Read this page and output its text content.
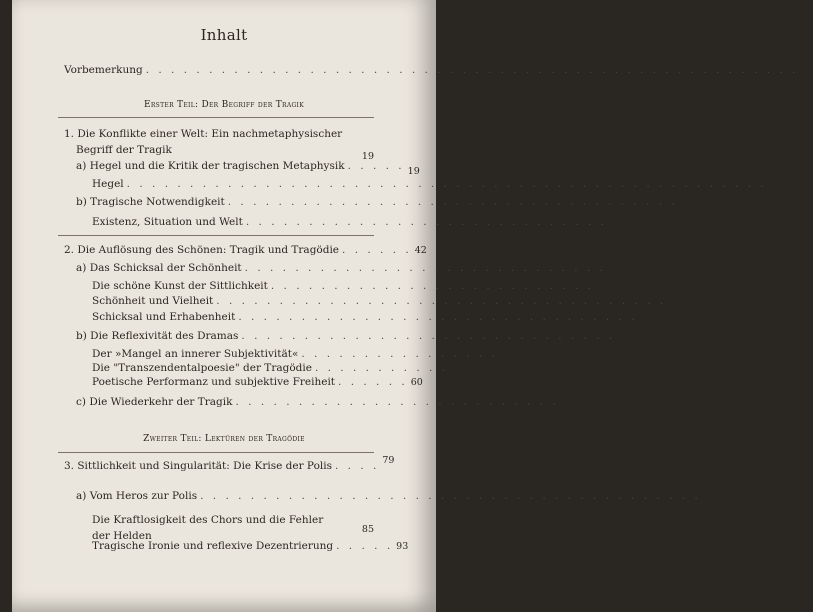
Inhalt
Vorbemerkung . . . . . . . . . . . . . . . . . . . . . . . . . . . . . . . . . . . . . . . . . . . . . . . . . . . .
9
Erster Teil: Der Begriff der Tragik
1. Die Konflikte einer Welt: Ein nachmetaphysischer
Begriff der Tragik
19
a) Hegel und die Kritik der tragischen Metaphysik . . . . . 19
Hegel . . . . . . . . . . . . . . . . . . . . . . . . . . . . . . . . . . . . . . . . . . . . . . . . . . . 23
b) Tragische Notwendigkeit . . . . . . . . . . . . . . . . . . . . . . . . . . . . . . . . . . . . 25
Existenz, Situation und Welt . . . . . . . . . . . . . . . . . . . . . . . . . . . . . 36
2. Die Auflösung des Schönen: Tragik und Tragödie . . . . . . 42
a) Das Schicksal der Schönheit . . . . . . . . . . . . . . . . . . . . . . . . . . . . . 44
Die schöne Kunst der Sittlichkeit . . . . . . . . . . . . . . . . . . . . . . . . . . 45
Schönheit und Vielheit . . . . . . . . . . . . . . . . . . . . . . . . . . . . . . . . . . . . 48
Schicksal und Erhabenheit . . . . . . . . . . . . . . . . . . . . . . . . . . . . . . . . 50
b) Die Reflexivität des Dramas . . . . . . . . . . . . . . . . . . . . . . . . . . . . . . 53
Der »Mangel an innerer Subjektivität« . . . . . . . . . . . . . . . . 54
Die "Transzendentalpoesie" der Tragödie . . . . . . . . . . . 56
Poetische Performanz und subjektive Freiheit . . . . . . 60
c) Die Wiederkehr der Tragik . . . . . . . . . . . . . . . . . . . . . . . . . . 69
Zweiter Teil: Lektüren der Tragödie
3. Sittlichkeit und Singularität: Die Krise der Polis . . . . 79
a) Vom Heros zur Polis . . . . . . . . . . . . . . . . . . . . . . . . . . . . . . . . . . . . . . . .
83
Die Kraftlosigkeit des Chors und die Fehler
der Helden
85
Tragische Ironie und reflexive Dezentrierung . . . . . 93
